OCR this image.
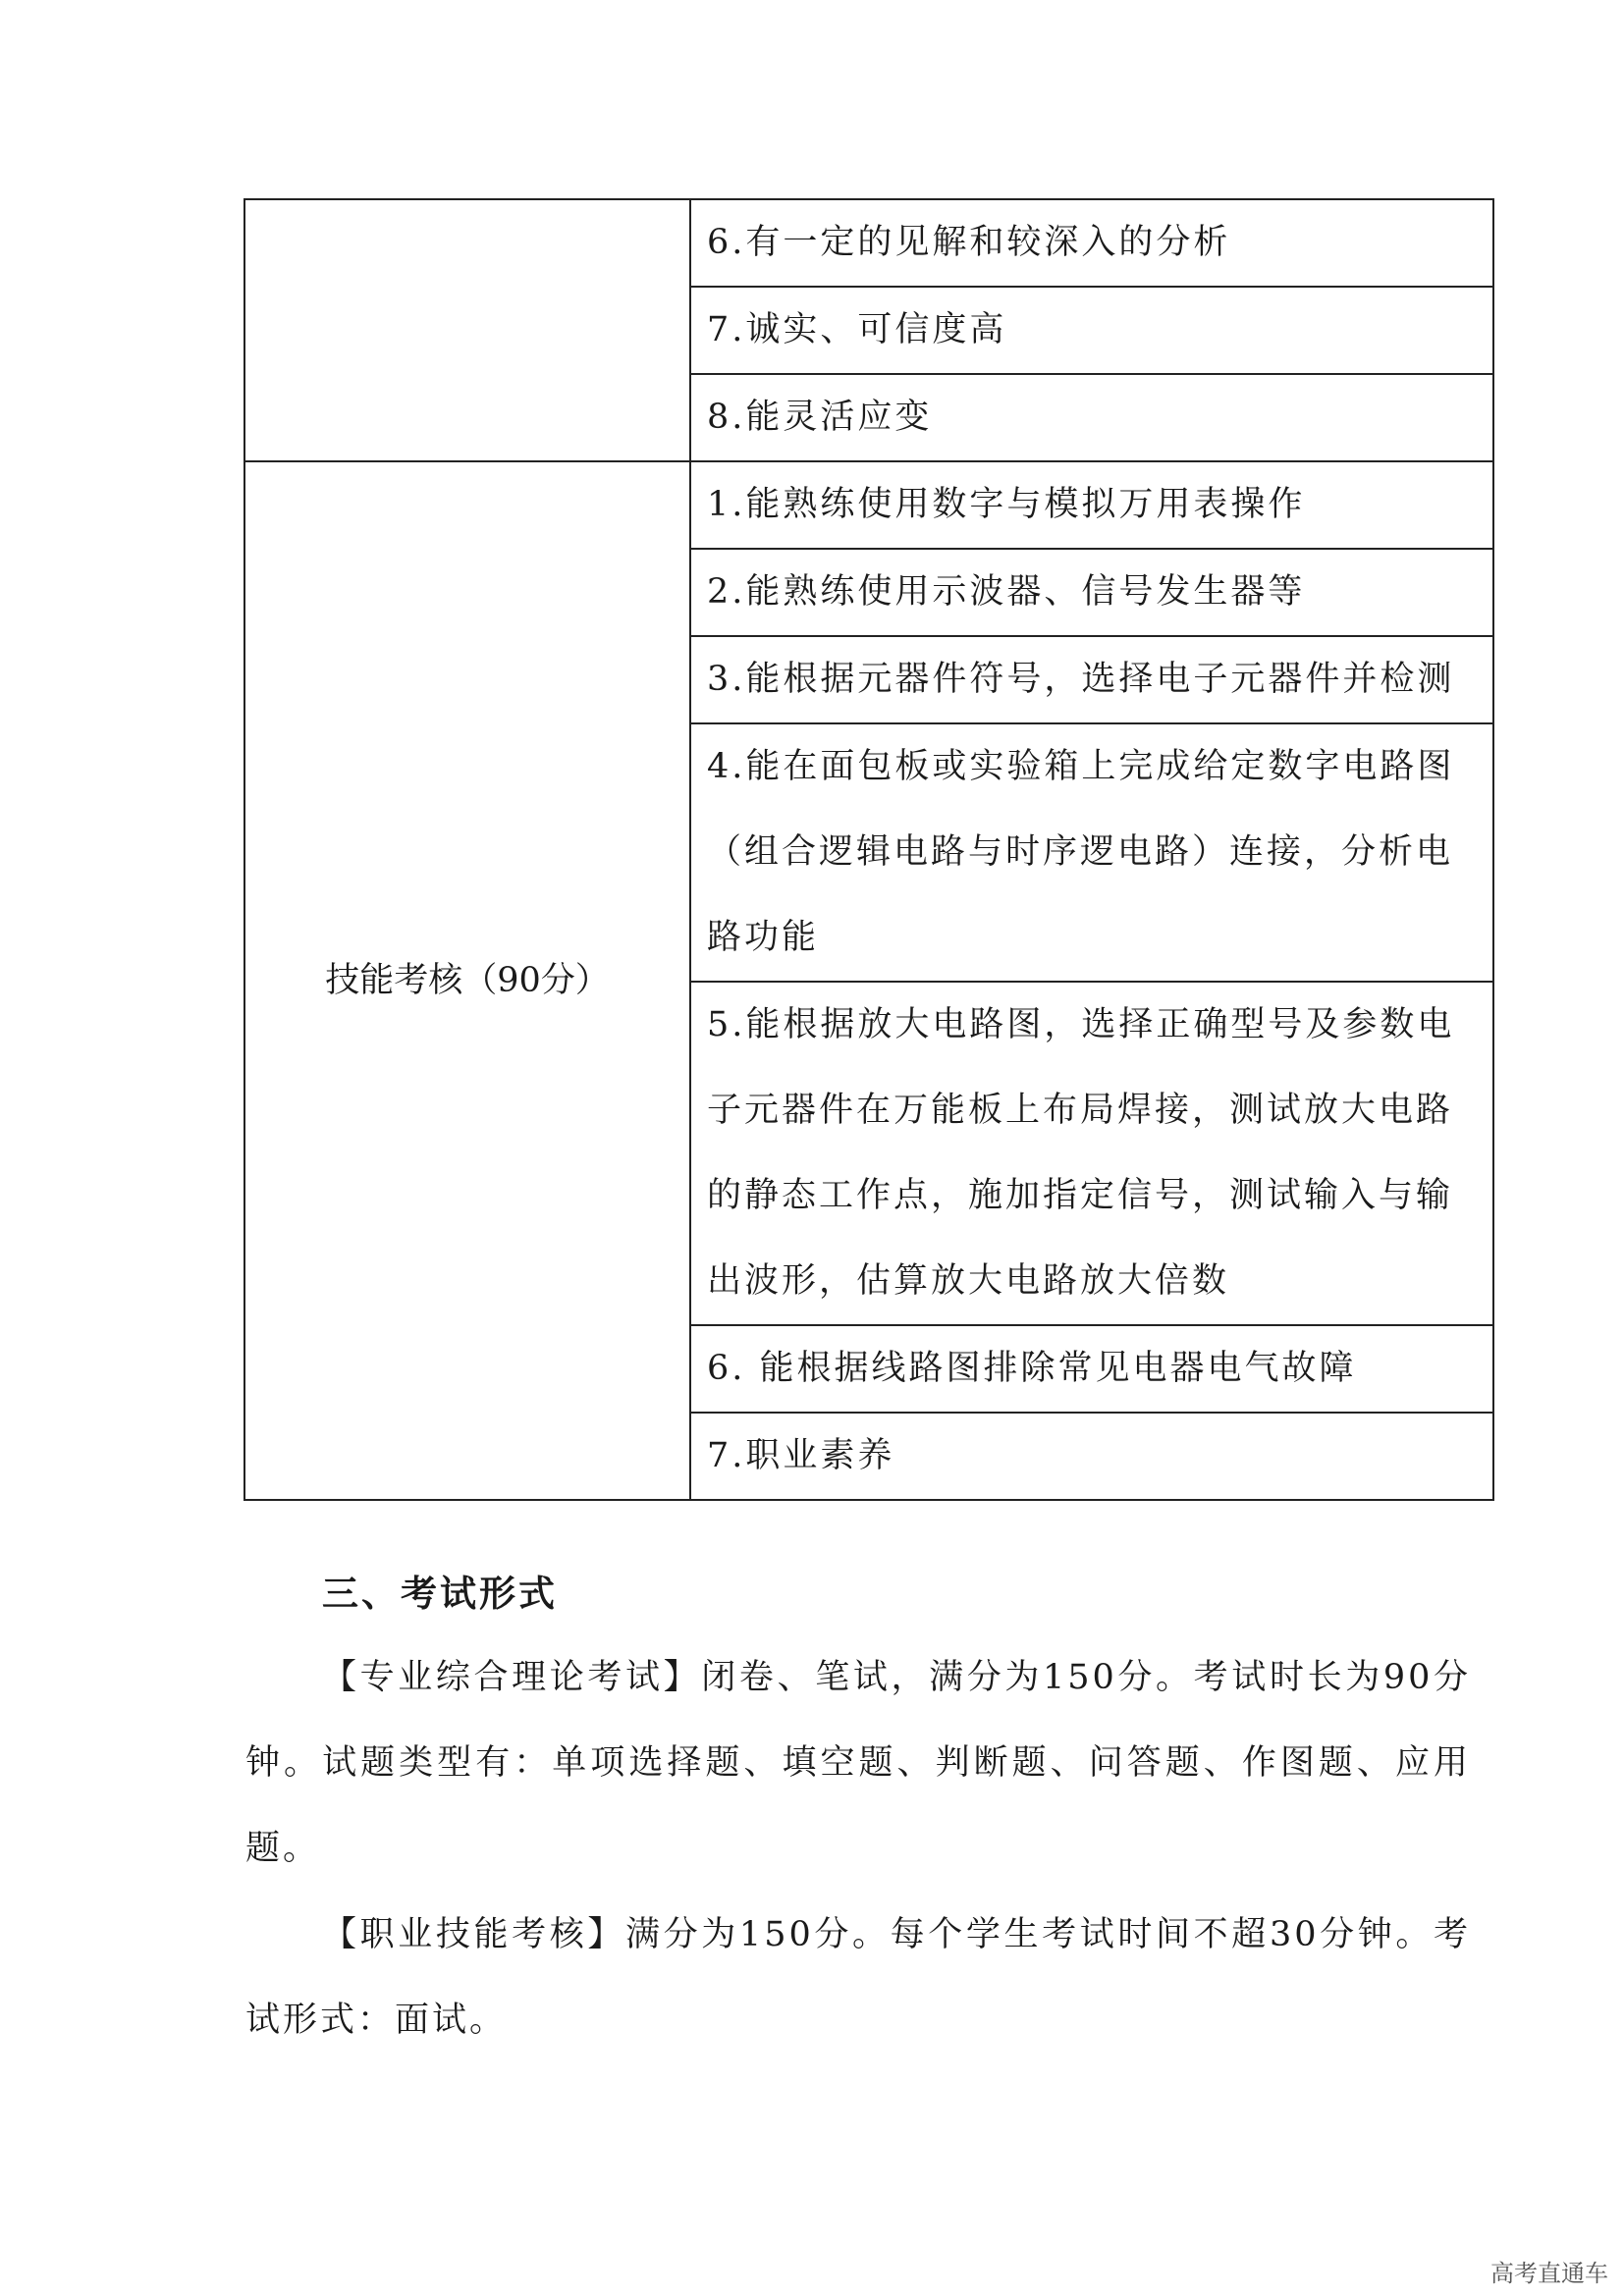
	6.有一定的见解和较深入的分析
	7.诚实、可信度高
	8.能灵活应变
技能考核（90分）	1.能熟练使用数字与模拟万用表操作
	2.能熟练使用示波器、信号发生器等
	3.能根据元器件符号，选择电子元器件并检测
	4.能在面包板或实验箱上完成给定数字电路图（组合逻辑电路与时序逻电路）连接，分析电路功能
	5.能根据放大电路图，选择正确型号及参数电子元器件在万能板上布局焊接，测试放大电路的静态工作点，施加指定信号，测试输入与输出波形，估算放大电路放大倍数
	6. 能根据线路图排除常见电器电气故障
	7.职业素养
三、考试形式

【专业综合理论考试】闭卷、笔试，满分为150分。考试时长为90分钟。试题类型有：单项选择题、填空题、判断题、问答题、作图题、应用题。

【职业技能考核】满分为150分。每个学生考试时间不超30分钟。考试形式：面试。

高考直通车
